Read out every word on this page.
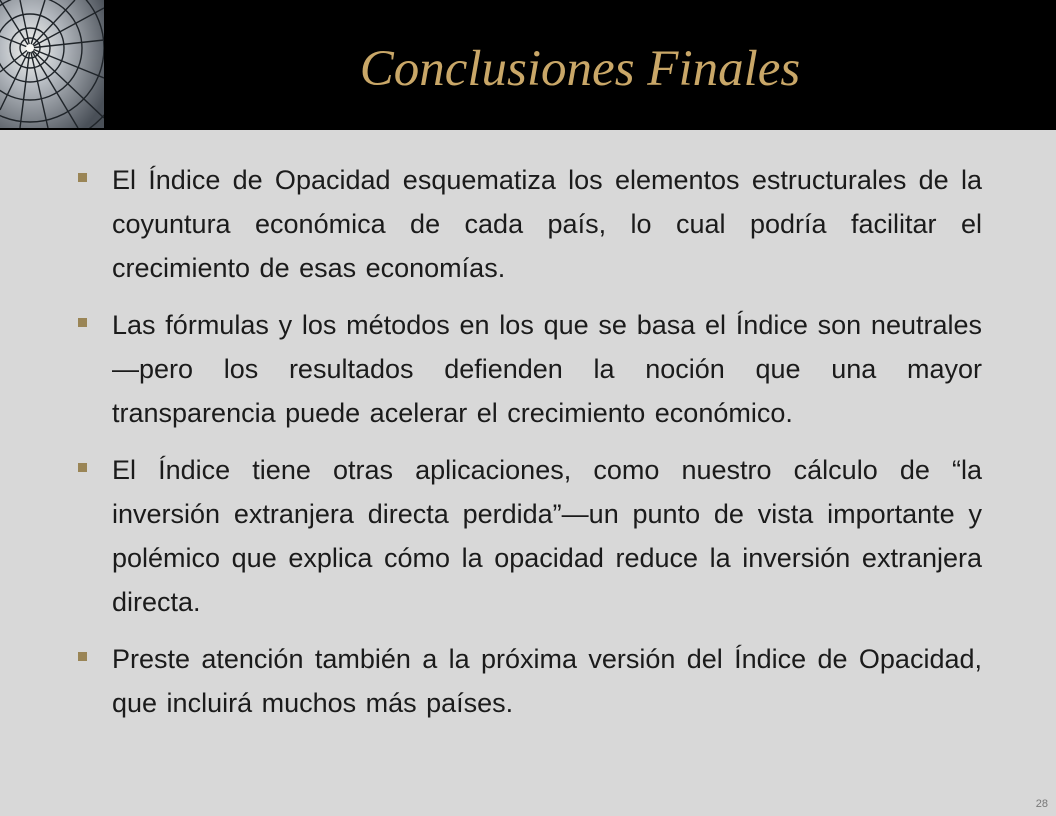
Conclusiones Finales

El Índice de Opacidad esquematiza los elementos estructurales de la coyuntura económica de cada país, lo cual podría facilitar el crecimiento de esas economías.

Las fórmulas y los métodos en los que se basa el Índice son neutrales—pero los resultados defienden la noción que una mayor transparencia puede acelerar el crecimiento económico.

El Índice tiene otras aplicaciones, como nuestro cálculo de “la inversión extranjera directa perdida”—un punto de vista importante y polémico que explica cómo la opacidad reduce la inversión extranjera directa.

Preste atención también a la próxima versión del Índice de Opacidad, que incluirá muchos más países.

28
